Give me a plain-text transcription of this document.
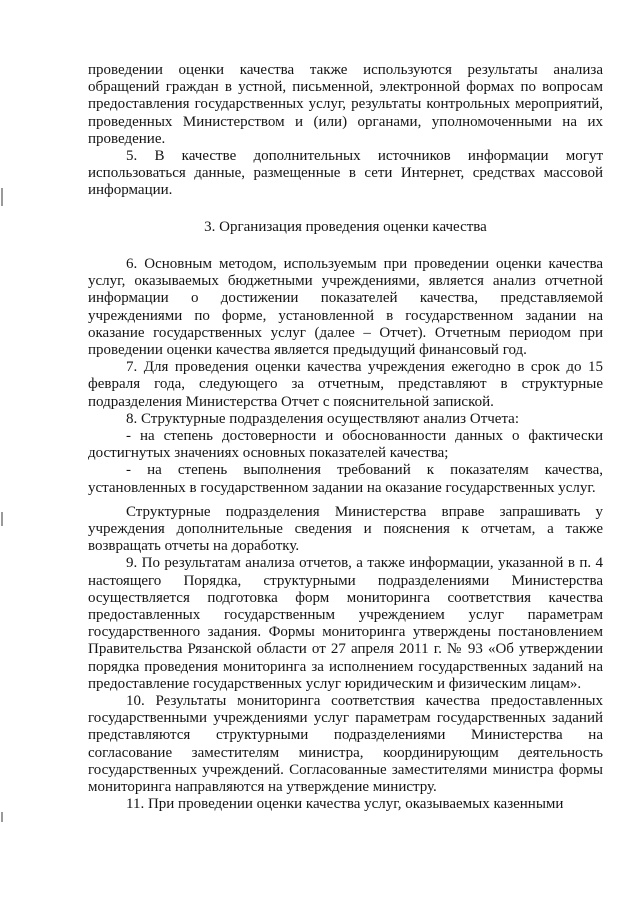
проведении оценки качества также используются результаты анализа обращений граждан в устной, письменной, электронной формах по вопросам предоставления государственных услуг, результаты контрольных мероприятий, проведенных Министерством и (или) органами, уполномоченными на их проведение.

5. В качестве дополнительных источников информации могут использоваться данные, размещенные в сети Интернет, средствах массовой информации.

3. Организация проведения оценки качества

6. Основным методом, используемым при проведении оценки качества услуг, оказываемых бюджетными учреждениями, является анализ отчетной информации о достижении показателей качества, представляемой учреждениями по форме, установленной в государственном задании на оказание государственных услуг (далее – Отчет). Отчетным периодом при проведении оценки качества является предыдущий финансовый год.

7. Для проведения оценки качества учреждения ежегодно в срок до 15 февраля года, следующего за отчетным, представляют в структурные подразделения Министерства Отчет с пояснительной запиской.

8. Структурные подразделения осуществляют анализ Отчета:

- на степень достоверности и обоснованности данных о фактически достигнутых значениях основных показателей качества;

- на степень выполнения требований к показателям качества, установленных в государственном задании на оказание государственных услуг.

Структурные подразделения Министерства вправе запрашивать у учреждения дополнительные сведения и пояснения к отчетам, а также возвращать отчеты на доработку.

9. По результатам анализа отчетов, а также информации, указанной в п. 4 настоящего Порядка, структурными подразделениями Министерства осуществляется подготовка форм мониторинга соответствия качества предоставленных государственным учреждением услуг параметрам государственного задания. Формы мониторинга утверждены постановлением Правительства Рязанской области от 27 апреля 2011 г. № 93 «Об утверждении порядка проведения мониторинга за исполнением государственных заданий на предоставление государственных услуг юридическим и физическим лицам».

10. Результаты мониторинга соответствия качества предоставленных государственными учреждениями услуг параметрам государственных заданий представляются структурными подразделениями Министерства на согласование заместителям министра, координирующим деятельность государственных учреждений. Согласованные заместителями министра формы мониторинга направляются на утверждение министру.

11. При проведении оценки качества услуг, оказываемых казенными
